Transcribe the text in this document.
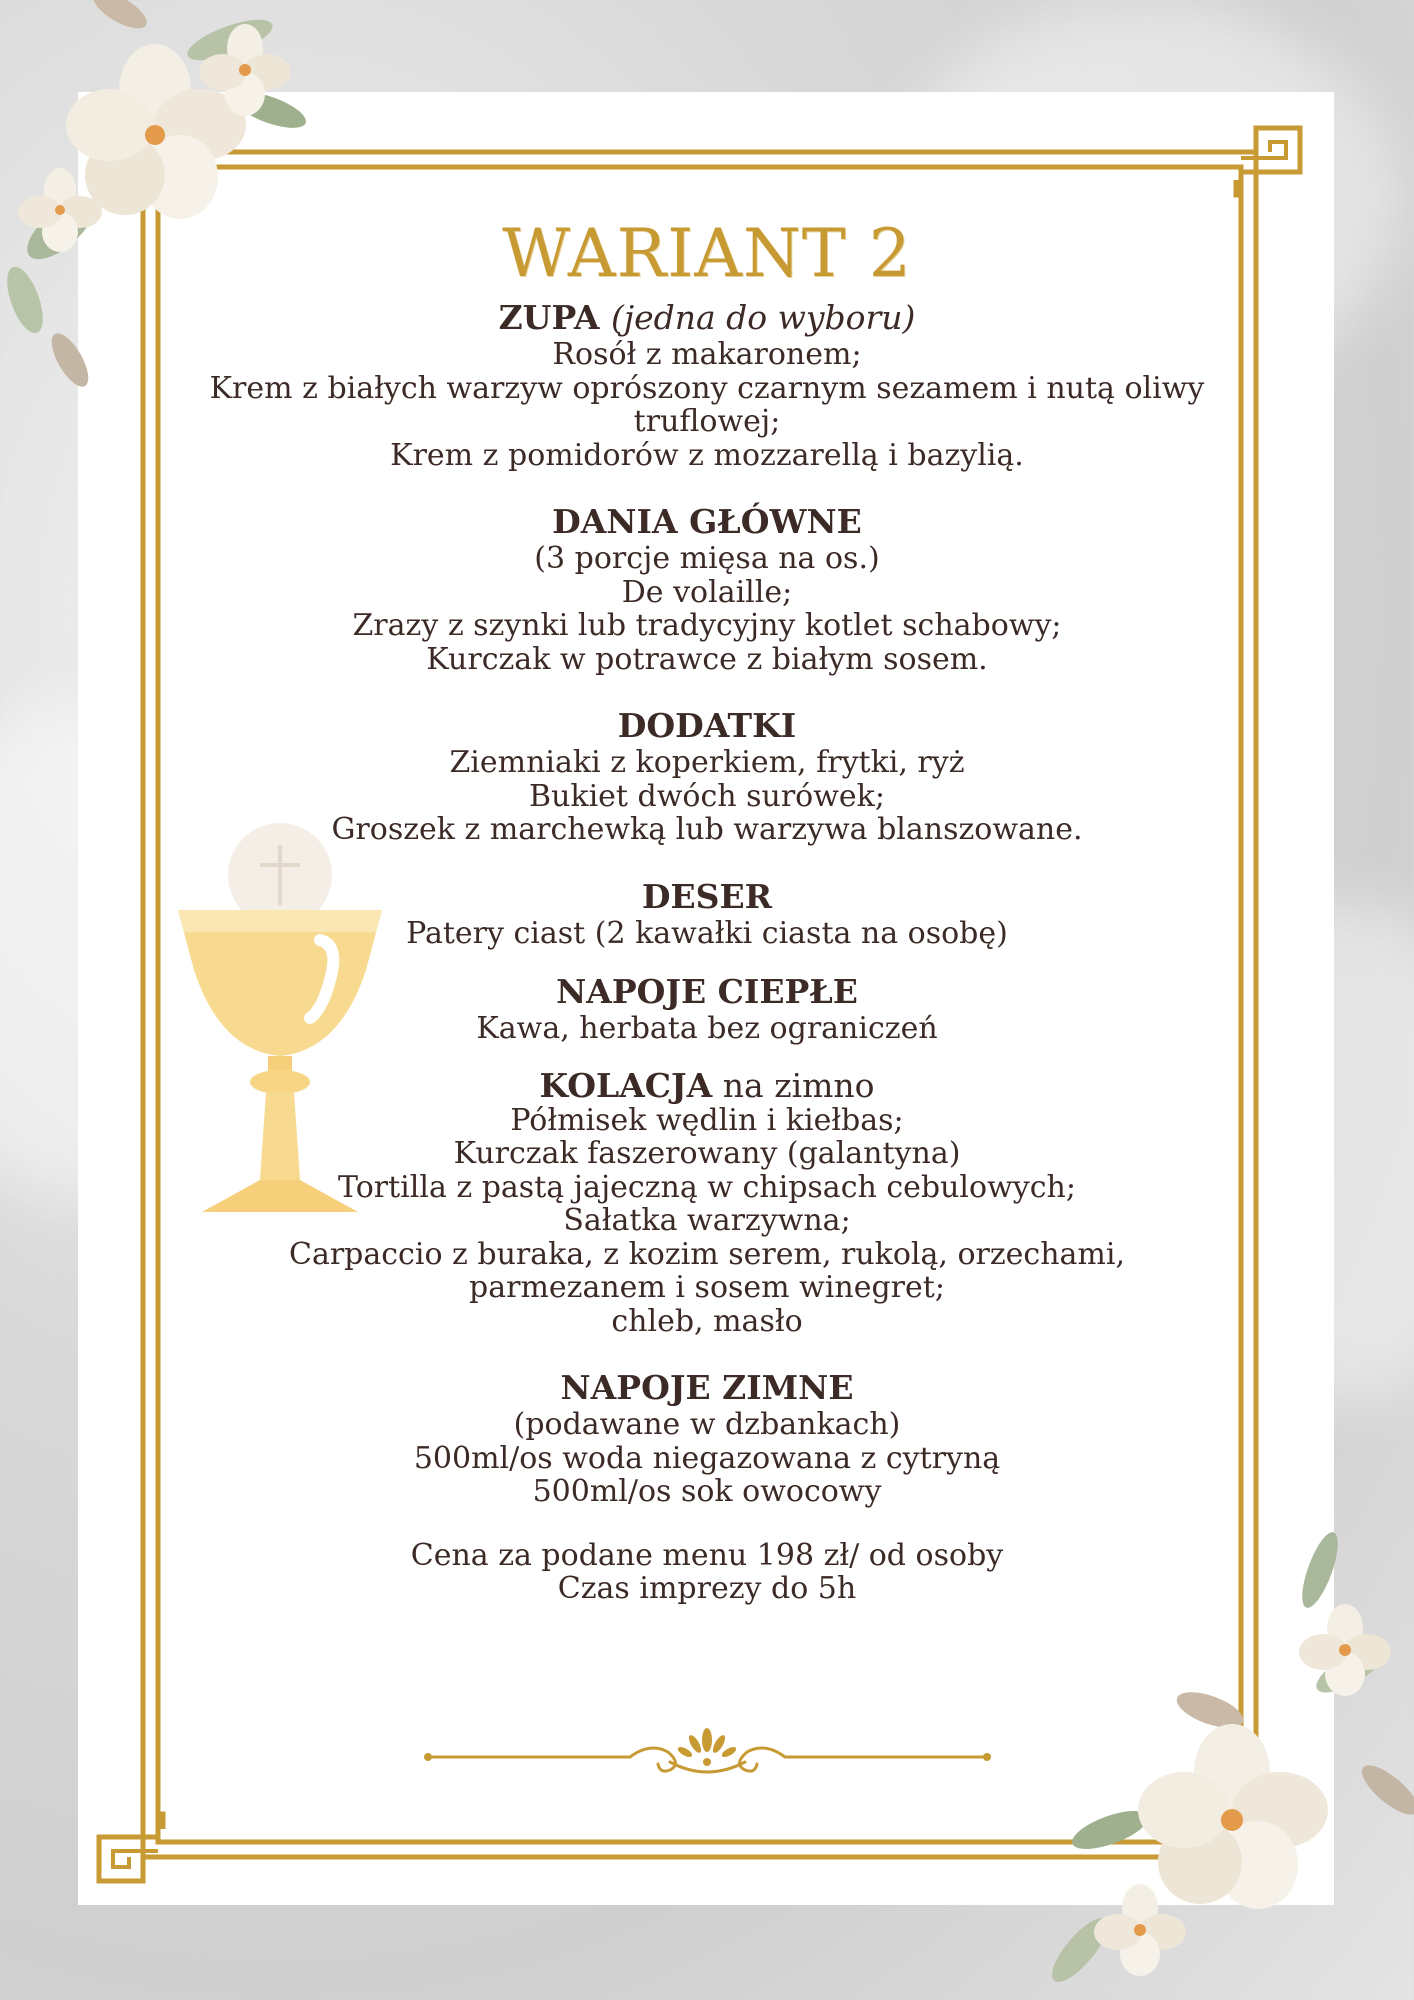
WARIANT 2

ZUPA (jedna do wyboru)

Rosół z makaronem;

Krem z białych warzyw oprószony czarnym sezamem i nutą oliwy

truflowej;

Krem z pomidorów z mozzarellą i bazylią.

DANIA GŁÓWNE

(3 porcje mięsa na os.)

De volaille;

Zrazy z szynki lub tradycyjny kotlet schabowy;

Kurczak w potrawce z białym sosem.

DODATKI

Ziemniaki z koperkiem, frytki, ryż

Bukiet dwóch surówek;

Groszek z marchewką lub warzywa blanszowane.

DESER

Patery ciast (2 kawałki ciasta na osobę)

NAPOJE CIEPŁE

Kawa, herbata bez ograniczeń

KOLACJA na zimno

Półmisek wędlin i kiełbas;

Kurczak faszerowany (galantyna)

Tortilla z pastą jajeczną w chipsach cebulowych;

Sałatka warzywna;

Carpaccio z buraka, z kozim serem, rukolą, orzechami,

parmezanem i sosem winegret;

chleb, masło

NAPOJE ZIMNE

(podawane w dzbankach)

500ml/os woda niegazowana z cytryną

500ml/os sok owocowy

Cena za podane menu 198 zł/ od osoby

Czas imprezy do 5h
